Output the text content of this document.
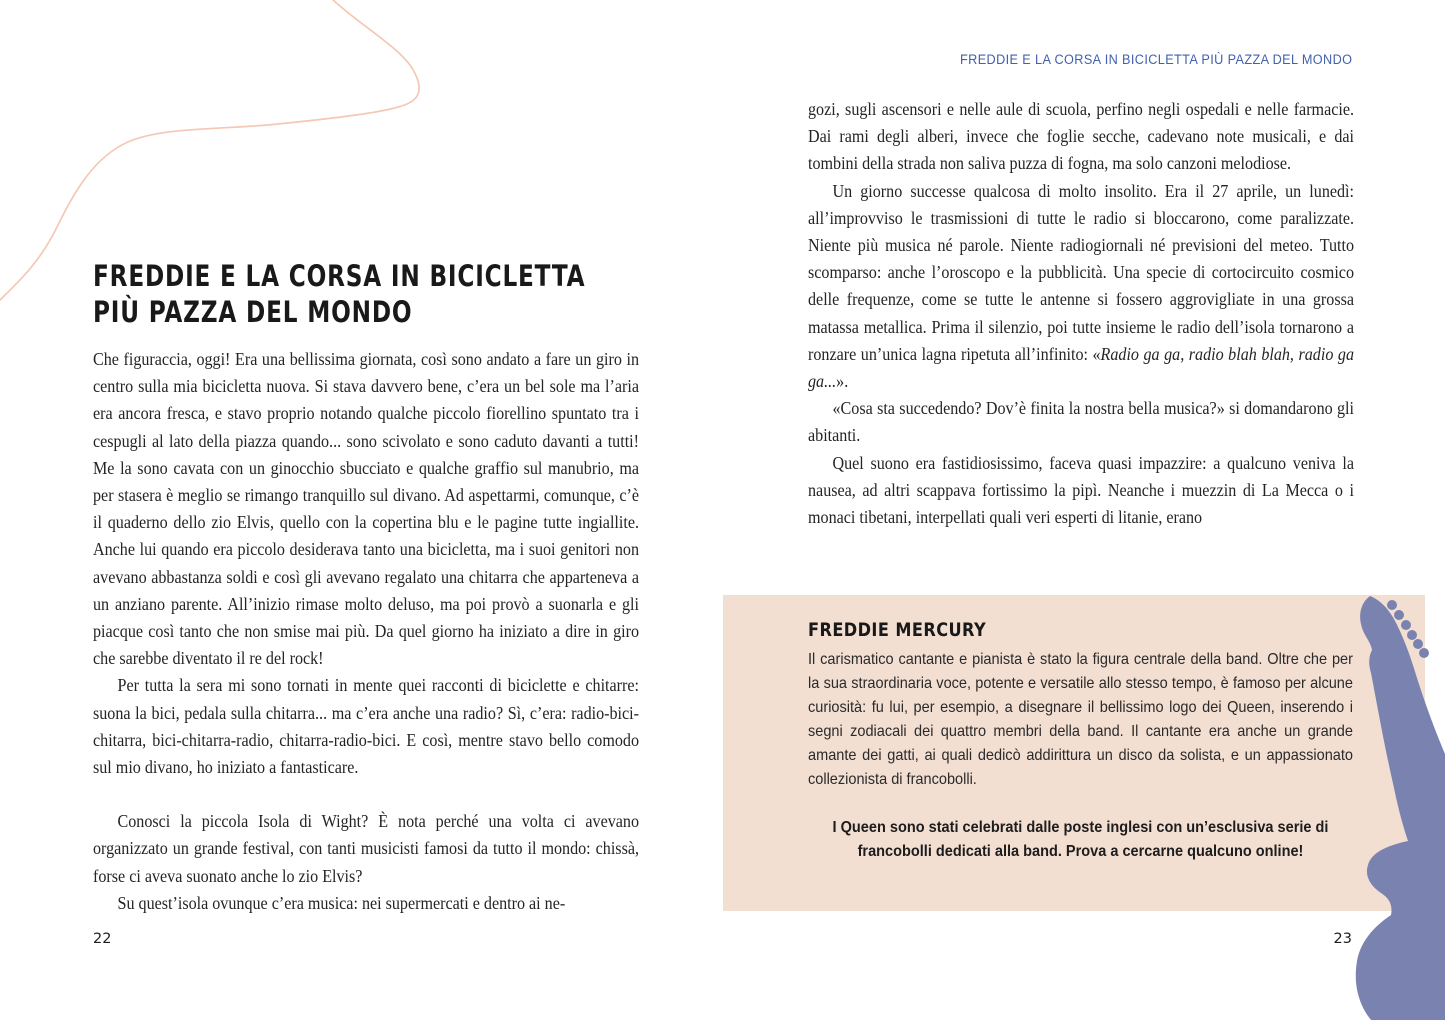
FREDDIE E LA CORSA IN BICICLETTA
PIÙ PAZZA DEL MONDO

Che figuraccia, oggi! Era una bellissima giornata, così sono andato a fare un giro in centro sulla mia bicicletta nuova. Si stava davvero bene, c’era un bel sole ma l’aria era ancora fresca, e stavo proprio notando qualche piccolo fiorellino spuntato tra i cespugli al lato della piazza quando... sono scivolato e sono caduto davanti a tutti! Me la sono cavata con un ginocchio sbucciato e qualche graffio sul manubrio, ma per stasera è meglio se rimango tranquillo sul divano. Ad aspettarmi, comunque, c’è il quaderno dello zio Elvis, quello con la copertina blu e le pagine tutte ingiallite. Anche lui quando era piccolo desiderava tanto una bicicletta, ma i suoi genitori non avevano abbastanza soldi e così gli avevano regalato una chitarra che apparteneva a un anziano parente. All’inizio rimase molto deluso, ma poi provò a suonarla e gli piacque così tanto che non smise mai più. Da quel giorno ha iniziato a dire in giro che sarebbe diventato il re del rock!

Per tutta la sera mi sono tornati in mente quei racconti di biciclette e chitarre: suona la bici, pedala sulla chitarra... ma c’era anche una radio? Sì, c’era: radio-bici-chitarra, bici-chitarra-radio, chitarra-radio-bici. E così, mentre stavo bello comodo sul mio divano, ho iniziato a fantasticare.

Conosci la piccola Isola di Wight? È nota perché una volta ci avevano organizzato un grande festival, con tanti musicisti famosi da tutto il mondo: chissà, forse ci aveva suonato anche lo zio Elvis?

Su quest’isola ovunque c’era musica: nei supermercati e dentro ai ne-

22
FREDDIE E LA CORSA IN BICICLETTA PIÙ PAZZA DEL MONDO

gozi, sugli ascensori e nelle aule di scuola, perfino negli ospedali e nelle farmacie. Dai rami degli alberi, invece che foglie secche, cadevano note musicali, e dai tombini della strada non saliva puzza di fogna, ma solo canzoni melodiose.

Un giorno successe qualcosa di molto insolito. Era il 27 aprile, un lunedì: all’improvviso le trasmissioni di tutte le radio si bloccarono, come paralizzate. Niente più musica né parole. Niente radiogiornali né previsioni del meteo. Tutto scomparso: anche l’oroscopo e la pubblicità. Una specie di cortocircuito cosmico delle frequenze, come se tutte le antenne si fossero aggrovigliate in una grossa matassa metallica. Prima il silenzio, poi tutte insieme le radio dell’isola tornarono a ronzare un’unica lagna ripetuta all’infinito: «Radio ga ga, radio blah blah, radio ga ga...».

«Cosa sta succedendo? Dov’è finita la nostra bella musica?» si domandarono gli abitanti.

Quel suono era fastidiosissimo, faceva quasi impazzire: a qualcuno veniva la nausea, ad altri scappava fortissimo la pipì. Neanche i muezzin di La Mecca o i monaci tibetani, interpellati quali veri esperti di litanie, erano

FREDDIE MERCURY
Il carismatico cantante e pianista è stato la figura centrale della band. Oltre che per la sua straordinaria voce, potente e versatile allo stesso tempo, è famoso per alcune curiosità: fu lui, per esempio, a disegnare il bellissimo logo dei Queen, inserendo i segni zodiacali dei quattro membri della band. Il cantante era anche un grande amante dei gatti, ai quali dedicò addirittura un disco da solista, e un appassionato collezionista di francobolli.
I Queen sono stati celebrati dalle poste inglesi con un’esclusiva serie di francobolli dedicati alla band. Prova a cercarne qualcuno online!
23
